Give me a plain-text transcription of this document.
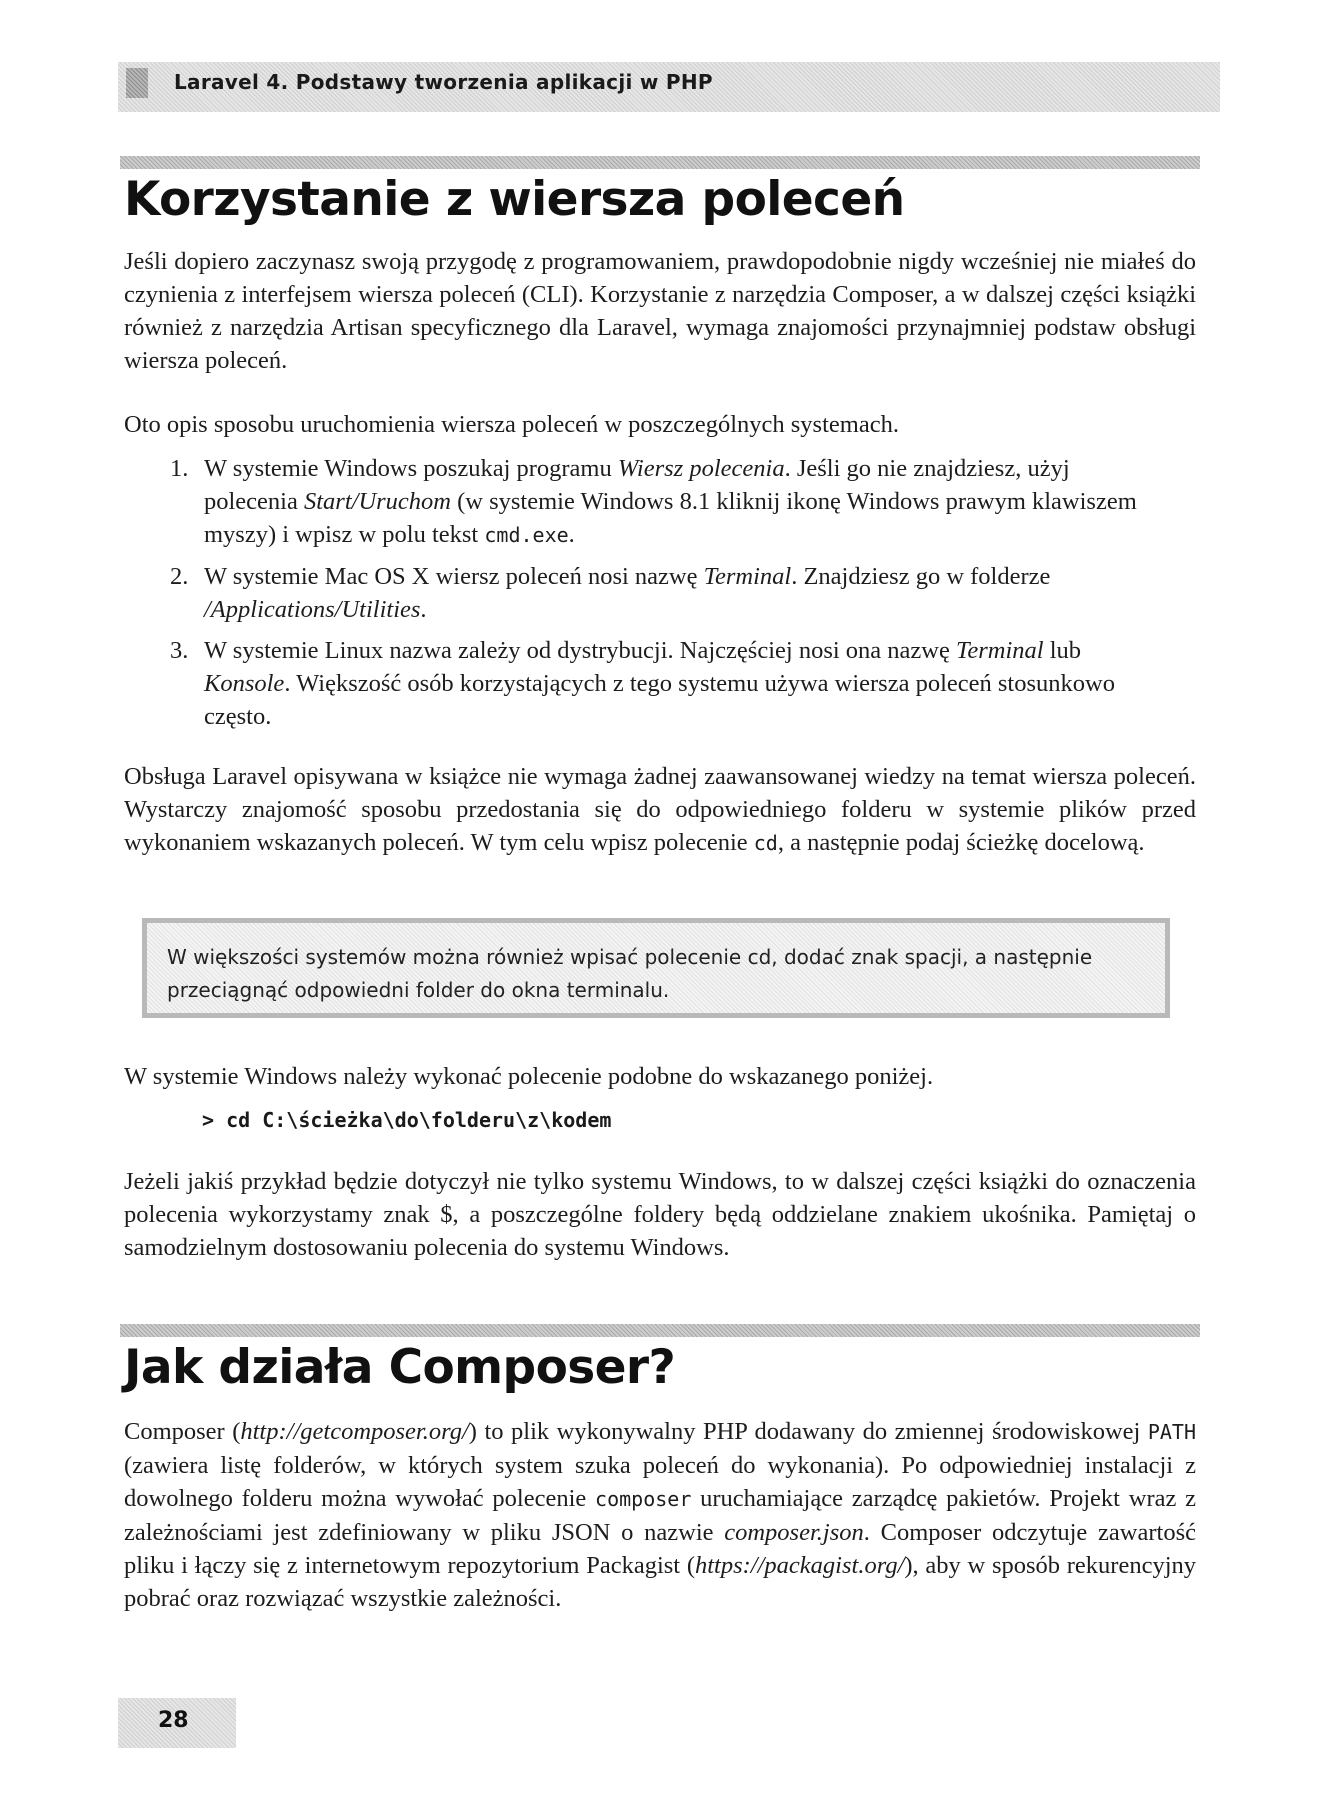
Laravel 4. Podstawy tworzenia aplikacji w PHP
Korzystanie z wiersza poleceń

Jeśli dopiero zaczynasz swoją przygodę z programowaniem, prawdopodobnie nigdy wcześniej nie miałeś do czynienia z interfejsem wiersza poleceń (CLI). Korzystanie z narzędzia Composer, a w dalszej części książki również z narzędzia Artisan specyficznego dla Laravel, wymaga znajomości przynajmniej podstaw obsługi wiersza poleceń.

Oto opis sposobu uruchomienia wiersza poleceń w poszczególnych systemach.

1. W systemie Windows poszukaj programu Wiersz polecenia. Jeśli go nie znajdziesz, użyj polecenia Start/Uruchom (w systemie Windows 8.1 kliknij ikonę Windows prawym klawiszem myszy) i wpisz w polu tekst cmd.exe.
2. W systemie Mac OS X wiersz poleceń nosi nazwę Terminal. Znajdziesz go w folderze /Applications/Utilities.
3. W systemie Linux nazwa zależy od dystrybucji. Najczęściej nosi ona nazwę Terminal lub Konsole. Większość osób korzystających z tego systemu używa wiersza poleceń stosunkowo często.

Obsługa Laravel opisywana w książce nie wymaga żadnej zaawansowanej wiedzy na temat wiersza poleceń. Wystarczy znajomość sposobu przedostania się do odpowiedniego folderu w systemie plików przed wykonaniem wskazanych poleceń. W tym celu wpisz polecenie cd, a następnie podaj ścieżkę docelową.

W większości systemów można również wpisać polecenie cd, dodać znak spacji, a następnie przeciągnąć odpowiedni folder do okna terminalu.

W systemie Windows należy wykonać polecenie podobne do wskazanego poniżej.

> cd C:\ścieżka\do\folderu\z\kodem

Jeżeli jakiś przykład będzie dotyczył nie tylko systemu Windows, to w dalszej części książki do oznaczenia polecenia wykorzystamy znak $, a poszczególne foldery będą oddzielane znakiem ukośnika. Pamiętaj o samodzielnym dostosowaniu polecenia do systemu Windows.

Jak działa Composer?

Composer (http://getcomposer.org/) to plik wykonywalny PHP dodawany do zmiennej środowiskowej PATH (zawiera listę folderów, w których system szuka poleceń do wykonania). Po odpowiedniej instalacji z dowolnego folderu można wywołać polecenie composer uruchamiające zarządcę pakietów. Projekt wraz z zależnościami jest zdefiniowany w pliku JSON o nazwie composer.json. Composer odczytuje zawartość pliku i łączy się z internetowym repozytorium Packagist (https://packagist.org/), aby w sposób rekurencyjny pobrać oraz rozwiązać wszystkie zależności.

28
